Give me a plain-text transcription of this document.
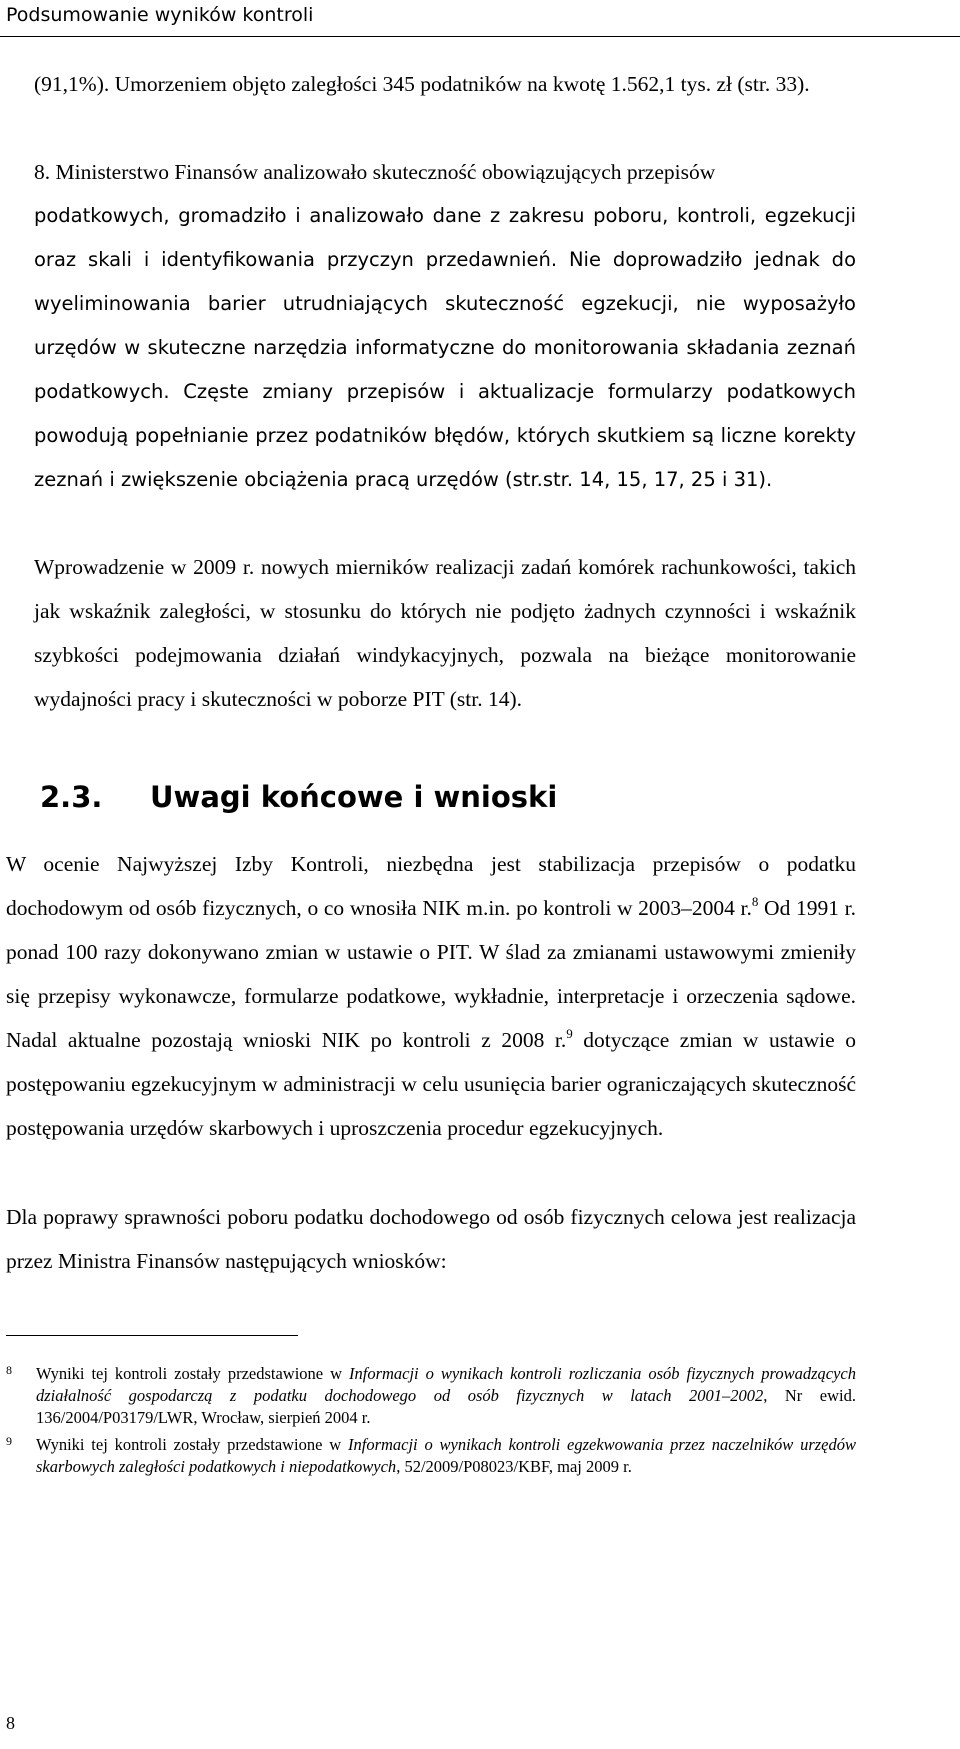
Podsumowanie wyników kontroli
(91,1%). Umorzeniem objęto zaległości 345 podatników na kwotę 1.562,1 tys. zł (str. 33).
8. Ministerstwo Finansów analizowało skuteczność obowiązujących przepisów
podatkowych, gromadziło i analizowało dane z zakresu poboru, kontroli, egzekucji oraz skali i identyfikowania przyczyn przedawnień. Nie doprowadziło jednak do wyeliminowania barier utrudniających skuteczność egzekucji, nie wyposażyło urzędów w skuteczne narzędzia informatyczne do monitorowania składania zeznań podatkowych. Częste zmiany przepisów i aktualizacje formularzy podatkowych powodują popełnianie przez podatników błędów, których skutkiem są liczne korekty zeznań i zwiększenie obciążenia pracą urzędów (str.str. 14, 15, 17, 25 i 31).
Wprowadzenie w 2009 r. nowych mierników realizacji zadań komórek rachunkowości, takich jak wskaźnik zaległości, w stosunku do których nie podjęto żadnych czynności i wskaźnik szybkości podejmowania działań windykacyjnych, pozwala na bieżące monitorowanie wydajności pracy i skuteczności w poborze PIT (str. 14).
2.3. Uwagi końcowe i wnioski
W ocenie Najwyższej Izby Kontroli, niezbędna jest stabilizacja przepisów o podatku dochodowym od osób fizycznych, o co wnosiła NIK m.in. po kontroli w 2003–2004 r.$^8$ Od 1991 r. ponad 100 razy dokonywano zmian w ustawie o PIT. W ślad za zmianami ustawowymi zmieniły się przepisy wykonawcze, formularze podatkowe, wykładnie, interpretacje i orzeczenia sądowe. Nadal aktualne pozostają wnioski NIK po kontroli z 2008 r.$^9$ dotyczące zmian w ustawie o postępowaniu egzekucyjnym w administracji w celu usunięcia barier ograniczających skuteczność postępowania urzędów skarbowych i uproszczenia procedur egzekucyjnych.
Dla poprawy sprawności poboru podatku dochodowego od osób fizycznych celowa jest realizacja przez Ministra Finansów następujących wniosków:
8 Wyniki tej kontroli zostały przedstawione w Informacji o wynikach kontroli rozliczania osób fizycznych prowadzących działalność gospodarczą z podatku dochodowego od osób fizycznych w latach 2001–2002, Nr ewid. 136/2004/P03179/LWR, Wrocław, sierpień 2004 r.
9 Wyniki tej kontroli zostały przedstawione w Informacji o wynikach kontroli egzekwowania przez naczelników urzędów skarbowych zaległości podatkowych i niepodatkowych, 52/2009/P08023/KBF, maj 2009 r.
8
